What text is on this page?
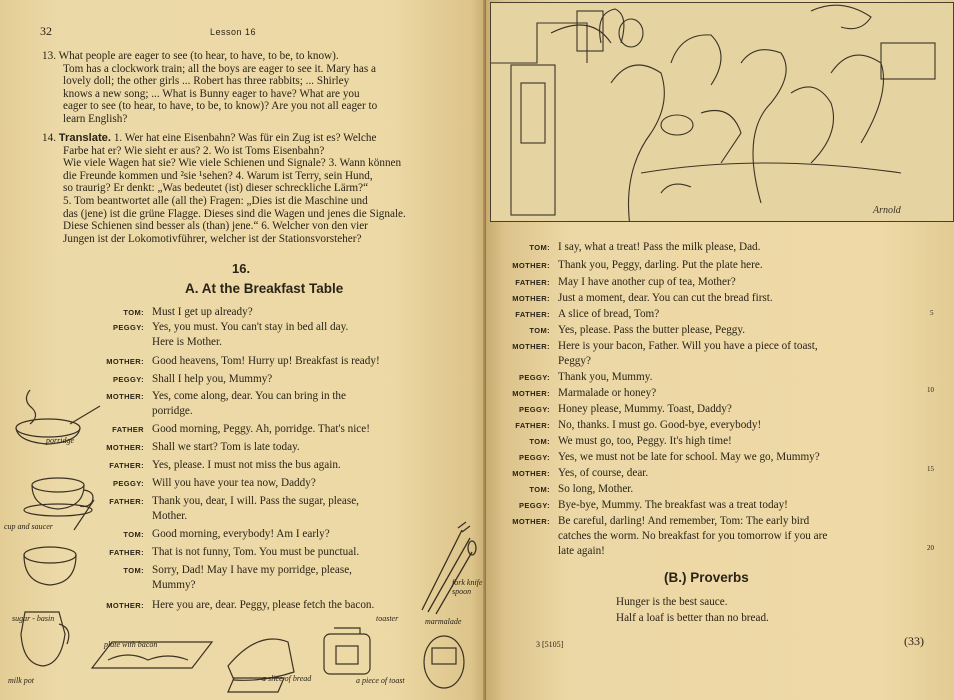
32	Lesson 16
13. What people are eager to see (to hear, to have, to be, to know).
Tom has a clockwork train; all the boys are eager to see it. Mary has a
lovely doll; the other girls ... Robert has three rabbits; ... Shirley
knows a new song; ... What is Bunny eager to have? What are you
eager to see (to hear, to have, to be, to know)? Are you not all eager to
learn English?
14. Translate. 1. Wer hat eine Eisenbahn? Was für ein Zug ist es? Welche
Farbe hat er? Wie sieht er aus? 2. Wo ist Toms Eisenbahn?
Wie viele Wagen hat sie? Wie viele Schienen und Signale? 3. Wann können
die Freunde kommen und ²sie ¹sehen? 4. Warum ist Terry, sein Hund,
so traurig? Er denkt: „Was bedeutet (ist) dieser schreckliche Lärm?“
5. Tom beantwortet alle (all the) Fragen: „Dies ist die Maschine und
das (jene) ist die grüne Flagge. Dieses sind die Wagen und jenes die Signale.
Diese Schienen sind besser als (than) jene.“ 6. Welcher von den vier
Jungen ist der Lokomotivführer, welcher ist der Stationsvorsteher?
16.
A. At the Breakfast Table
TOM: Must I get up already?
PEGGY: Yes, you must. You can't stay in bed all day.
Here is Mother.
MOTHER: Good heavens, Tom! Hurry up! Breakfast is ready!
PEGGY: Shall I help you, Mummy?
MOTHER: Yes, come along, dear. You can bring in the
porridge.
FATHER Good morning, Peggy. Ah, porridge. That's nice!
MOTHER: Shall we start? Tom is late today.
FATHER: Yes, please. I must not miss the bus again.
PEGGY: Will you have your tea now, Daddy?
FATHER: Thank you, dear, I will. Pass the sugar, please,
Mother.
TOM: Good morning, everybody! Am I early?
FATHER: That is not funny, Tom. You must be punctual.
TOM: Sorry, Dad! May I have my porridge, please,
Mummy?
MOTHER: Here you are, dear. Peggy, please fetch the bacon.
porridge
cup and saucer
sugar - basin
milk pot
plate with bacon
a slice of bread
toaster
a piece of toast
marmalade
fork knife spoon
Arnold
TOM: I say, what a treat! Pass the milk please, Dad.
MOTHER: Thank you, Peggy, darling. Put the plate here.
FATHER: May I have another cup of tea, Mother?
MOTHER: Just a moment, dear. You can cut the bread first.
FATHER: A slice of bread, Tom?
TOM: Yes, please. Pass the butter please, Peggy.
MOTHER: Here is your bacon, Father. Will you have a piece of toast,
Peggy?
PEGGY: Thank you, Mummy.
MOTHER: Marmalade or honey?
PEGGY: Honey please, Mummy. Toast, Daddy?
FATHER: No, thanks. I must go. Good-bye, everybody!
TOM: We must go, too, Peggy. It's high time!
PEGGY: Yes, we must not be late for school. May we go, Mummy?
MOTHER: Yes, of course, dear.
TOM: So long, Mother.
PEGGY: Bye-bye, Mummy. The breakfast was a treat today!
MOTHER: Be careful, darling! And remember, Tom: The early bird
catches the worm. No breakfast for you tomorrow if you are
late again!
5
10
15
20
(B.) Proverbs
Hunger is the best sauce.
Half a loaf is better than no bread.
3 [5105]	(33)
